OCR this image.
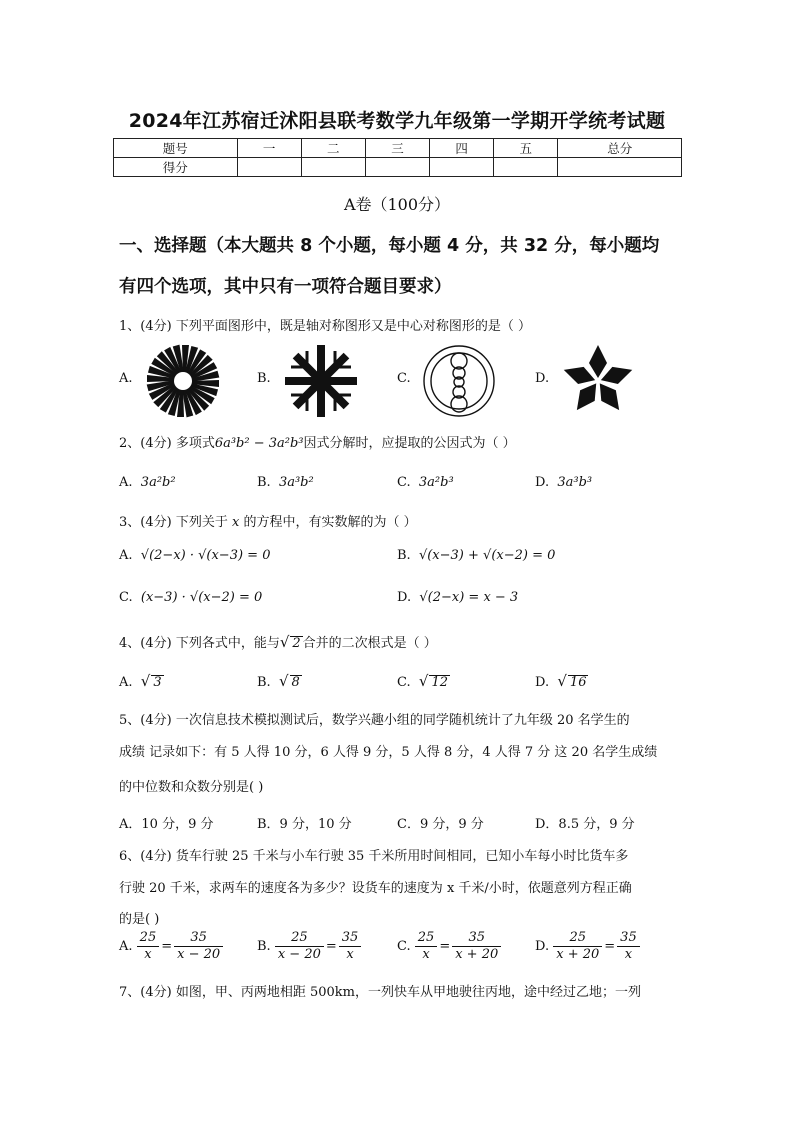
2024年江苏宿迁沭阳县联考数学九年级第一学期开学统考试题
题号	一	二	三	四	五	总分
得分						
A卷（100分）
一、选择题（本大题共 8 个小题，每小题 4 分，共 32 分，每小题均
有四个选项，其中只有一项符合题目要求）
1、(4分) 下列平面图形中，既是轴对称图形又是中心对称图形的是（ ）
A.	B.	C.	D.
2、(4分) 多项式6a³b² − 3a²b³因式分解时，应提取的公因式为（ ）
A. 3a²b²	B. 3a³b²	C. 3a²b³	D. 3a³b³
3、(4分) 下列关于 x 的方程中，有实数解的为（ ）
A. √(2−x) · √(x−3) = 0	B. √(x−3) + √(x−2) = 0
C. (x−3) · √(x−2) = 0	D. √(2−x) = x − 3
4、(4分) 下列各式中，能与√ 2 合并的二次根式是（ ）
A. √ 3	B. √ 8	C. √ 12	D. √ 16
5、(4分) 一次信息技术模拟测试后，数学兴趣小组的同学随机统计了九年级 20 名学生的
成绩 记录如下：有 5 人得 10 分，6 人得 9 分，5 人得 8 分，4 人得 7 分 这 20 名学生成绩
的中位数和众数分别是( )
A．10 分，9 分	B．9 分，10 分	C．9 分，9 分	D．8.5 分，9 分
6、(4分) 货车行驶 25 千米与小车行驶 35 千米所用时间相同，已知小车每小时比货车多
行驶 20 千米，求两车的速度各为多少？设货车的速度为 x 千米/小时，依题意列方程正确
的是( )
A. $\frac{25}{x} = \frac{35}{x - 20}$	B. $\frac{25}{x - 20} = \frac{35}{x}$	C. $\frac{25}{x} = \frac{35}{x + 20}$	D. $\frac{25}{x + 20} = \frac{35}{x}$
7、(4分) 如图，甲、丙两地相距 500km，一列快车从甲地驶往丙地，途中经过乙地；一列
